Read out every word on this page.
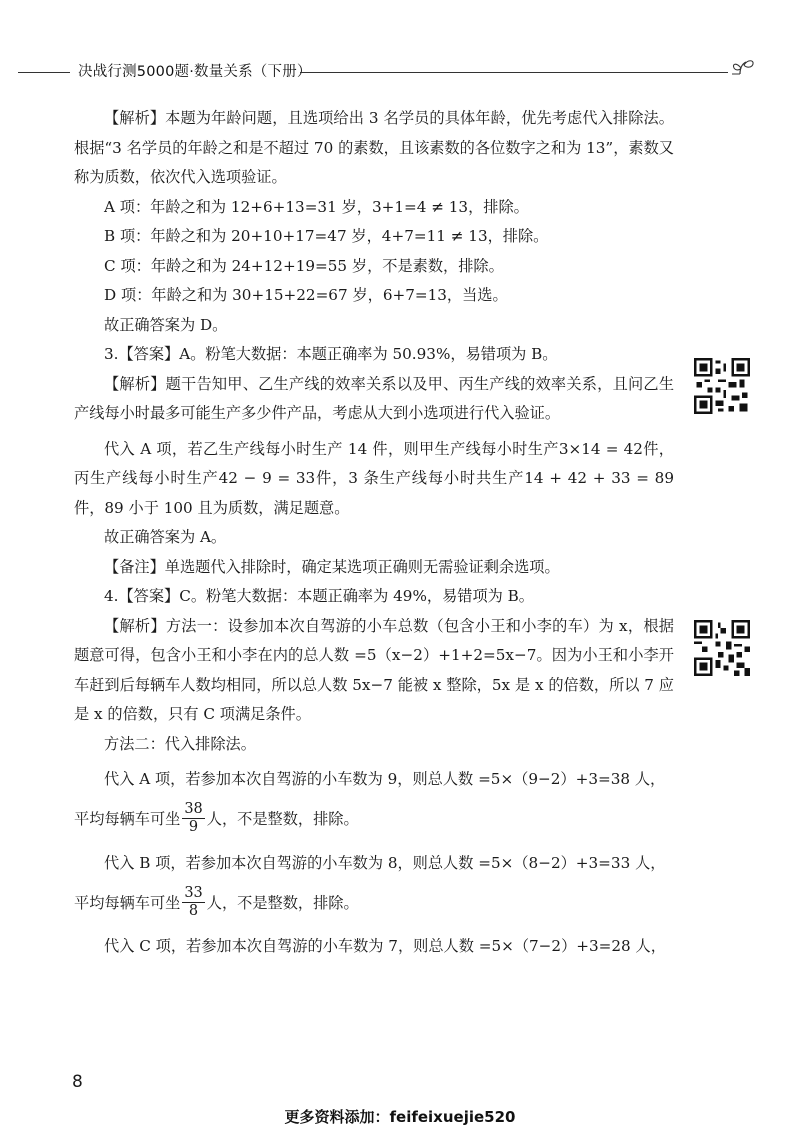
决战行测5000题·数量关系（下册）

【解析】本题为年龄问题，且选项给出 3 名学员的具体年龄，优先考虑代入排除法。根据“3 名学员的年龄之和是不超过 70 的素数，且该素数的各位数字之和为 13”，素数又称为质数，依次代入选项验证。

A 项：年龄之和为 12+6+13=31 岁，3+1=4 ≠ 13，排除。

B 项：年龄之和为 20+10+17=47 岁，4+7=11 ≠ 13，排除。

C 项：年龄之和为 24+12+19=55 岁，不是素数，排除。

D 项：年龄之和为 30+15+22=67 岁，6+7=13，当选。

故正确答案为 D。

3.【答案】A。粉笔大数据：本题正确率为 50.93%，易错项为 B。

【解析】题干告知甲、乙生产线的效率关系以及甲、丙生产线的效率关系，且问乙生产线每小时最多可能生产多少件产品，考虑从大到小选项进行代入验证。

代入 A 项，若乙生产线每小时生产 14 件，则甲生产线每小时生产3×14 = 42件，丙生产线每小时生产42 − 9 = 33件，3 条生产线每小时共生产14 + 42 + 33 = 89件，89 小于 100 且为质数，满足题意。

故正确答案为 A。

【备注】单选题代入排除时，确定某选项正确则无需验证剩余选项。

4.【答案】C。粉笔大数据：本题正确率为 49%，易错项为 B。

【解析】方法一：设参加本次自驾游的小车总数（包含小王和小李的车）为 x，根据题意可得，包含小王和小李在内的总人数 =5（x−2）+1+2=5x−7。因为小王和小李开车赶到后每辆车人数均相同，所以总人数 5x−7 能被 x 整除，5x 是 x 的倍数，所以 7 应是 x 的倍数，只有 C 项满足条件。

方法二：代入排除法。

代入 A 项，若参加本次自驾游的小车数为 9，则总人数 =5×（9−2）+3=38 人，

平均每辆车可坐 $\frac{38}{9}$ 人，不是整数，排除。

代入 B 项，若参加本次自驾游的小车数为 8，则总人数 =5×（8−2）+3=33 人，

平均每辆车可坐 $\frac{33}{8}$ 人，不是整数，排除。

代入 C 项，若参加本次自驾游的小车数为 7，则总人数 =5×（7−2）+3=28 人，

8
更多资料添加：feifeixuejie520
